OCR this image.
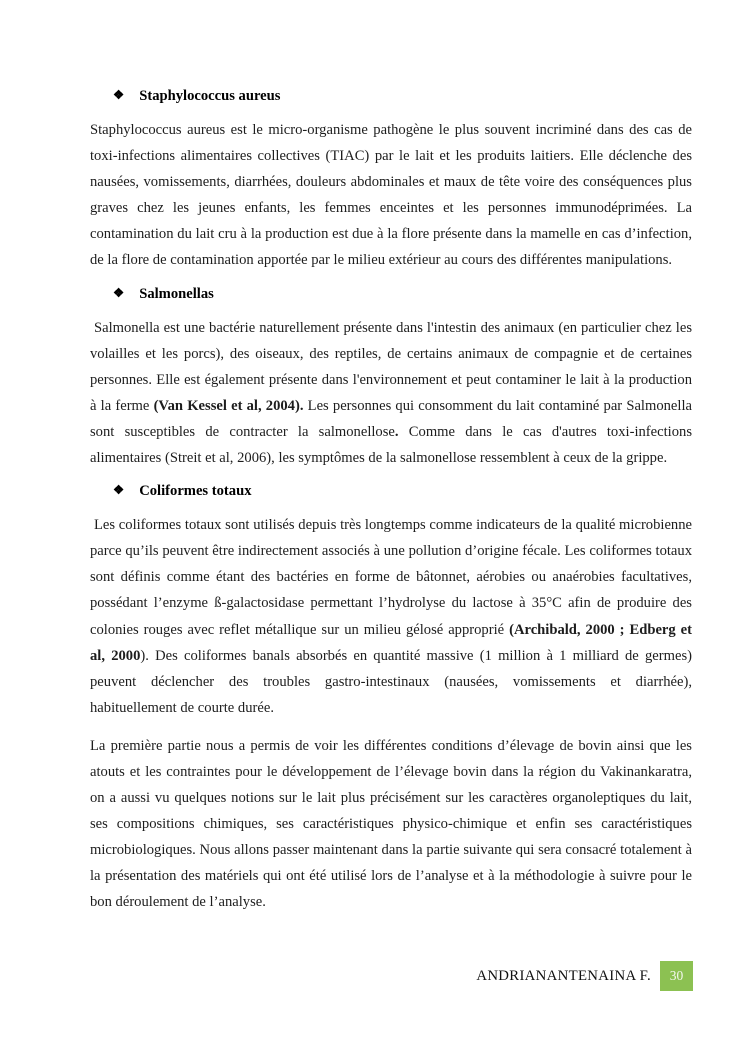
❖ Staphylococcus aureus

Staphylococcus aureus est le micro-organisme pathogène le plus souvent incriminé dans des cas de toxi-infections alimentaires collectives (TIAC) par le lait et les produits laitiers. Elle déclenche des nausées, vomissements, diarrhées, douleurs abdominales et maux de tête voire des conséquences plus graves chez les jeunes enfants, les femmes enceintes et les personnes immunodéprimées. La contamination du lait cru à la production est due à la flore présente dans la mamelle en cas d’infection, de la flore de contamination apportée par le milieu extérieur au cours des différentes manipulations.

❖ Salmonellas

Salmonella est une bactérie naturellement présente dans l'intestin des animaux (en particulier chez les volailles et les porcs), des oiseaux, des reptiles, de certains animaux de compagnie et de certaines personnes. Elle est également présente dans l'environnement et peut contaminer le lait à la production à la ferme (Van Kessel et al, 2004). Les personnes qui consomment du lait contaminé par Salmonella sont susceptibles de contracter la salmonellose. Comme dans le cas d'autres toxi-infections alimentaires (Streit et al, 2006), les symptômes de la salmonellose ressemblent à ceux de la grippe.

❖ Coliformes totaux

Les coliformes totaux sont utilisés depuis très longtemps comme indicateurs de la qualité microbienne parce qu’ils peuvent être indirectement associés à une pollution d’origine fécale. Les coliformes totaux sont définis comme étant des bactéries en forme de bâtonnet, aérobies ou anaérobies facultatives, possédant l’enzyme ß-galactosidase permettant l’hydrolyse du lactose à 35°C afin de produire des colonies rouges avec reflet métallique sur un milieu gélosé approprié (Archibald, 2000 ; Edberg et al, 2000). Des coliformes banals absorbés en quantité massive (1 million à 1 milliard de germes) peuvent déclencher des troubles gastro-intestinaux (nausées, vomissements et diarrhée), habituellement de courte durée.

La première partie nous a permis de voir les différentes conditions d’élevage de bovin ainsi que les atouts et les contraintes pour le développement de l’élevage bovin dans la région du Vakinankaratra, on a aussi vu quelques notions sur le lait plus précisément sur les caractères organoleptiques du lait, ses compositions chimiques, ses caractéristiques physico-chimique et enfin ses caractéristiques microbiologiques. Nous allons passer maintenant dans la partie suivante qui sera consacré totalement à la présentation des matériels qui ont été utilisé lors de l’analyse et à la méthodologie à suivre pour le bon déroulement de l’analyse.

ANDRIANANTENAINA F.	30
